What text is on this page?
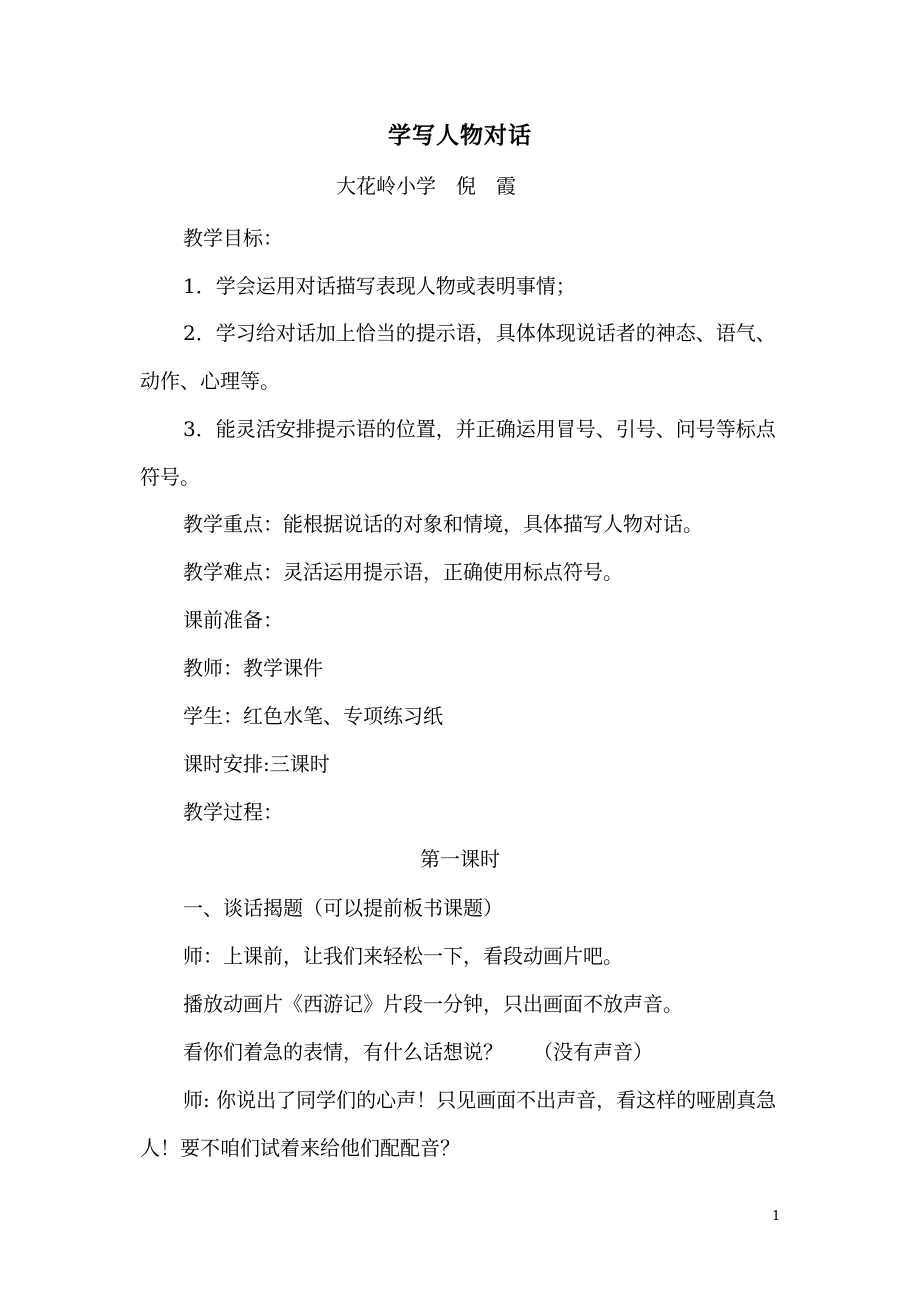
学写人物对话
大花岭小学　倪　霞

教学目标：

1．学会运用对话描写表现人物或表明事情；

2．学习给对话加上恰当的提示语，具体体现说话者的神态、语气、动作、心理等。

3．能灵活安排提示语的位置，并正确运用冒号、引号、问号等标点符号。

教学重点：能根据说话的对象和情境，具体描写人物对话。

教学难点：灵活运用提示语，正确使用标点符号。

课前准备：

教师：教学课件

学生：红色水笔、专项练习纸

课时安排:三课时

教学过程：

第一课时

一、谈话揭题（可以提前板书课题）

师：上课前，让我们来轻松一下，看段动画片吧。

播放动画片《西游记》片段一分钟，只出画面不放声音。

看你们着急的表情，有什么话想说？　　（没有声音）

师: 你说出了同学们的心声！只见画面不出声音，看这样的哑剧真急人！要不咱们试着来给他们配配音？

1
